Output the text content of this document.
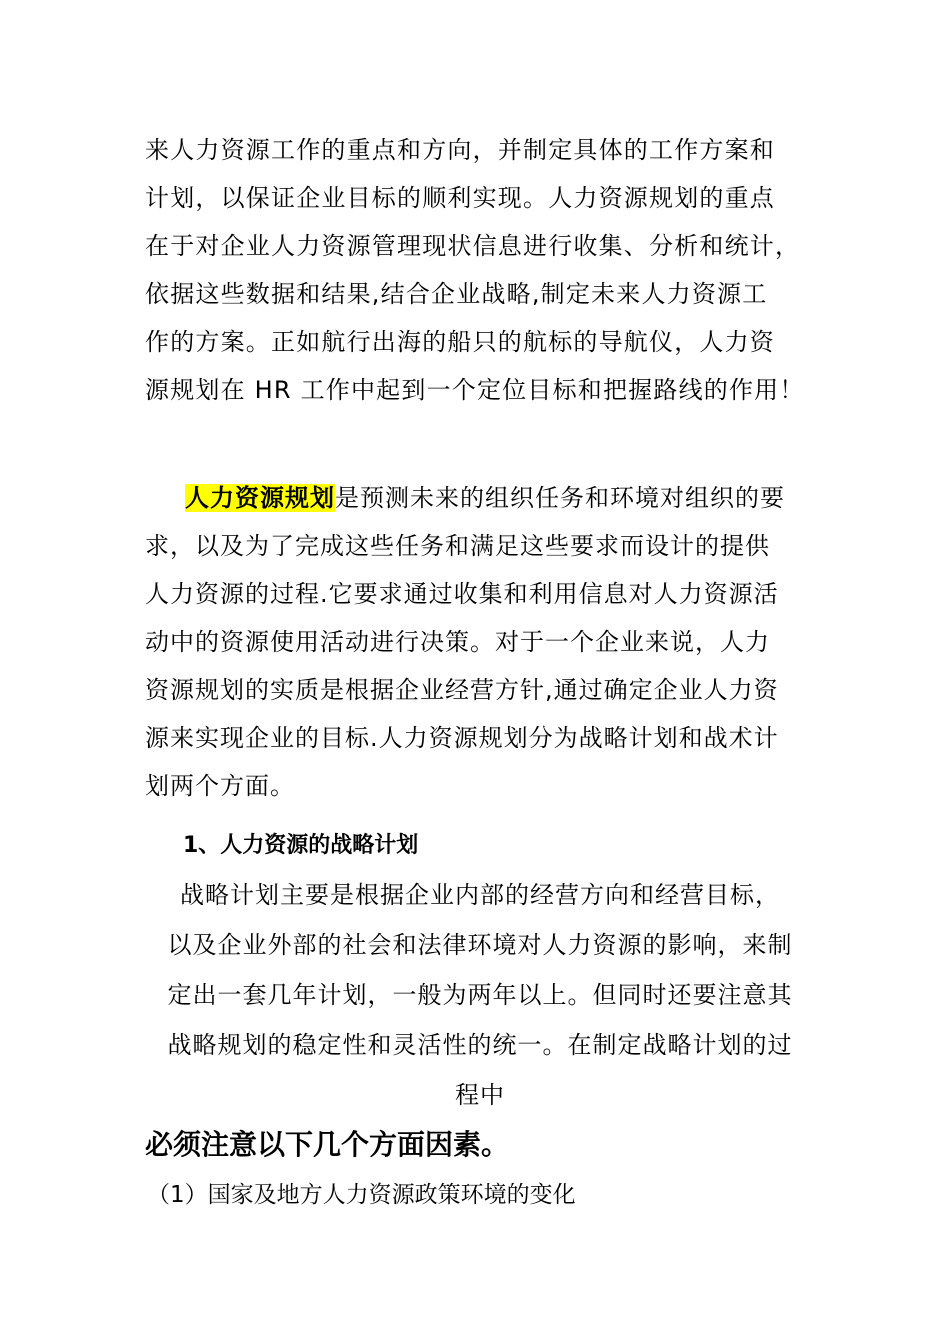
来人力资源工作的重点和方向，并制定具体的工作方案和
计划，以保证企业目标的顺利实现。人力资源规划的重点
在于对企业人力资源管理现状信息进行收集、分析和统计，
依据这些数据和结果,结合企业战略,制定未来人力资源工
作的方案。正如航行出海的船只的航标的导航仪，人力资
源规划在 HR 工作中起到一个定位目标和把握路线的作用！
人力资源规划是预测未来的组织任务和环境对组织的要
求，以及为了完成这些任务和满足这些要求而设计的提供
人力资源的过程.它要求通过收集和利用信息对人力资源活
动中的资源使用活动进行决策。对于一个企业来说，人力
资源规划的实质是根据企业经营方针,通过确定企业人力资
源来实现企业的目标.人力资源规划分为战略计划和战术计
划两个方面。
1、人力资源的战略计划
战略计划主要是根据企业内部的经营方向和经营目标，
以及企业外部的社会和法律环境对人力资源的影响，来制
定出一套几年计划，一般为两年以上。但同时还要注意其
战略规划的稳定性和灵活性的统一。在制定战略计划的过
程中
必须注意以下几个方面因素。
（1）国家及地方人力资源政策环境的变化
